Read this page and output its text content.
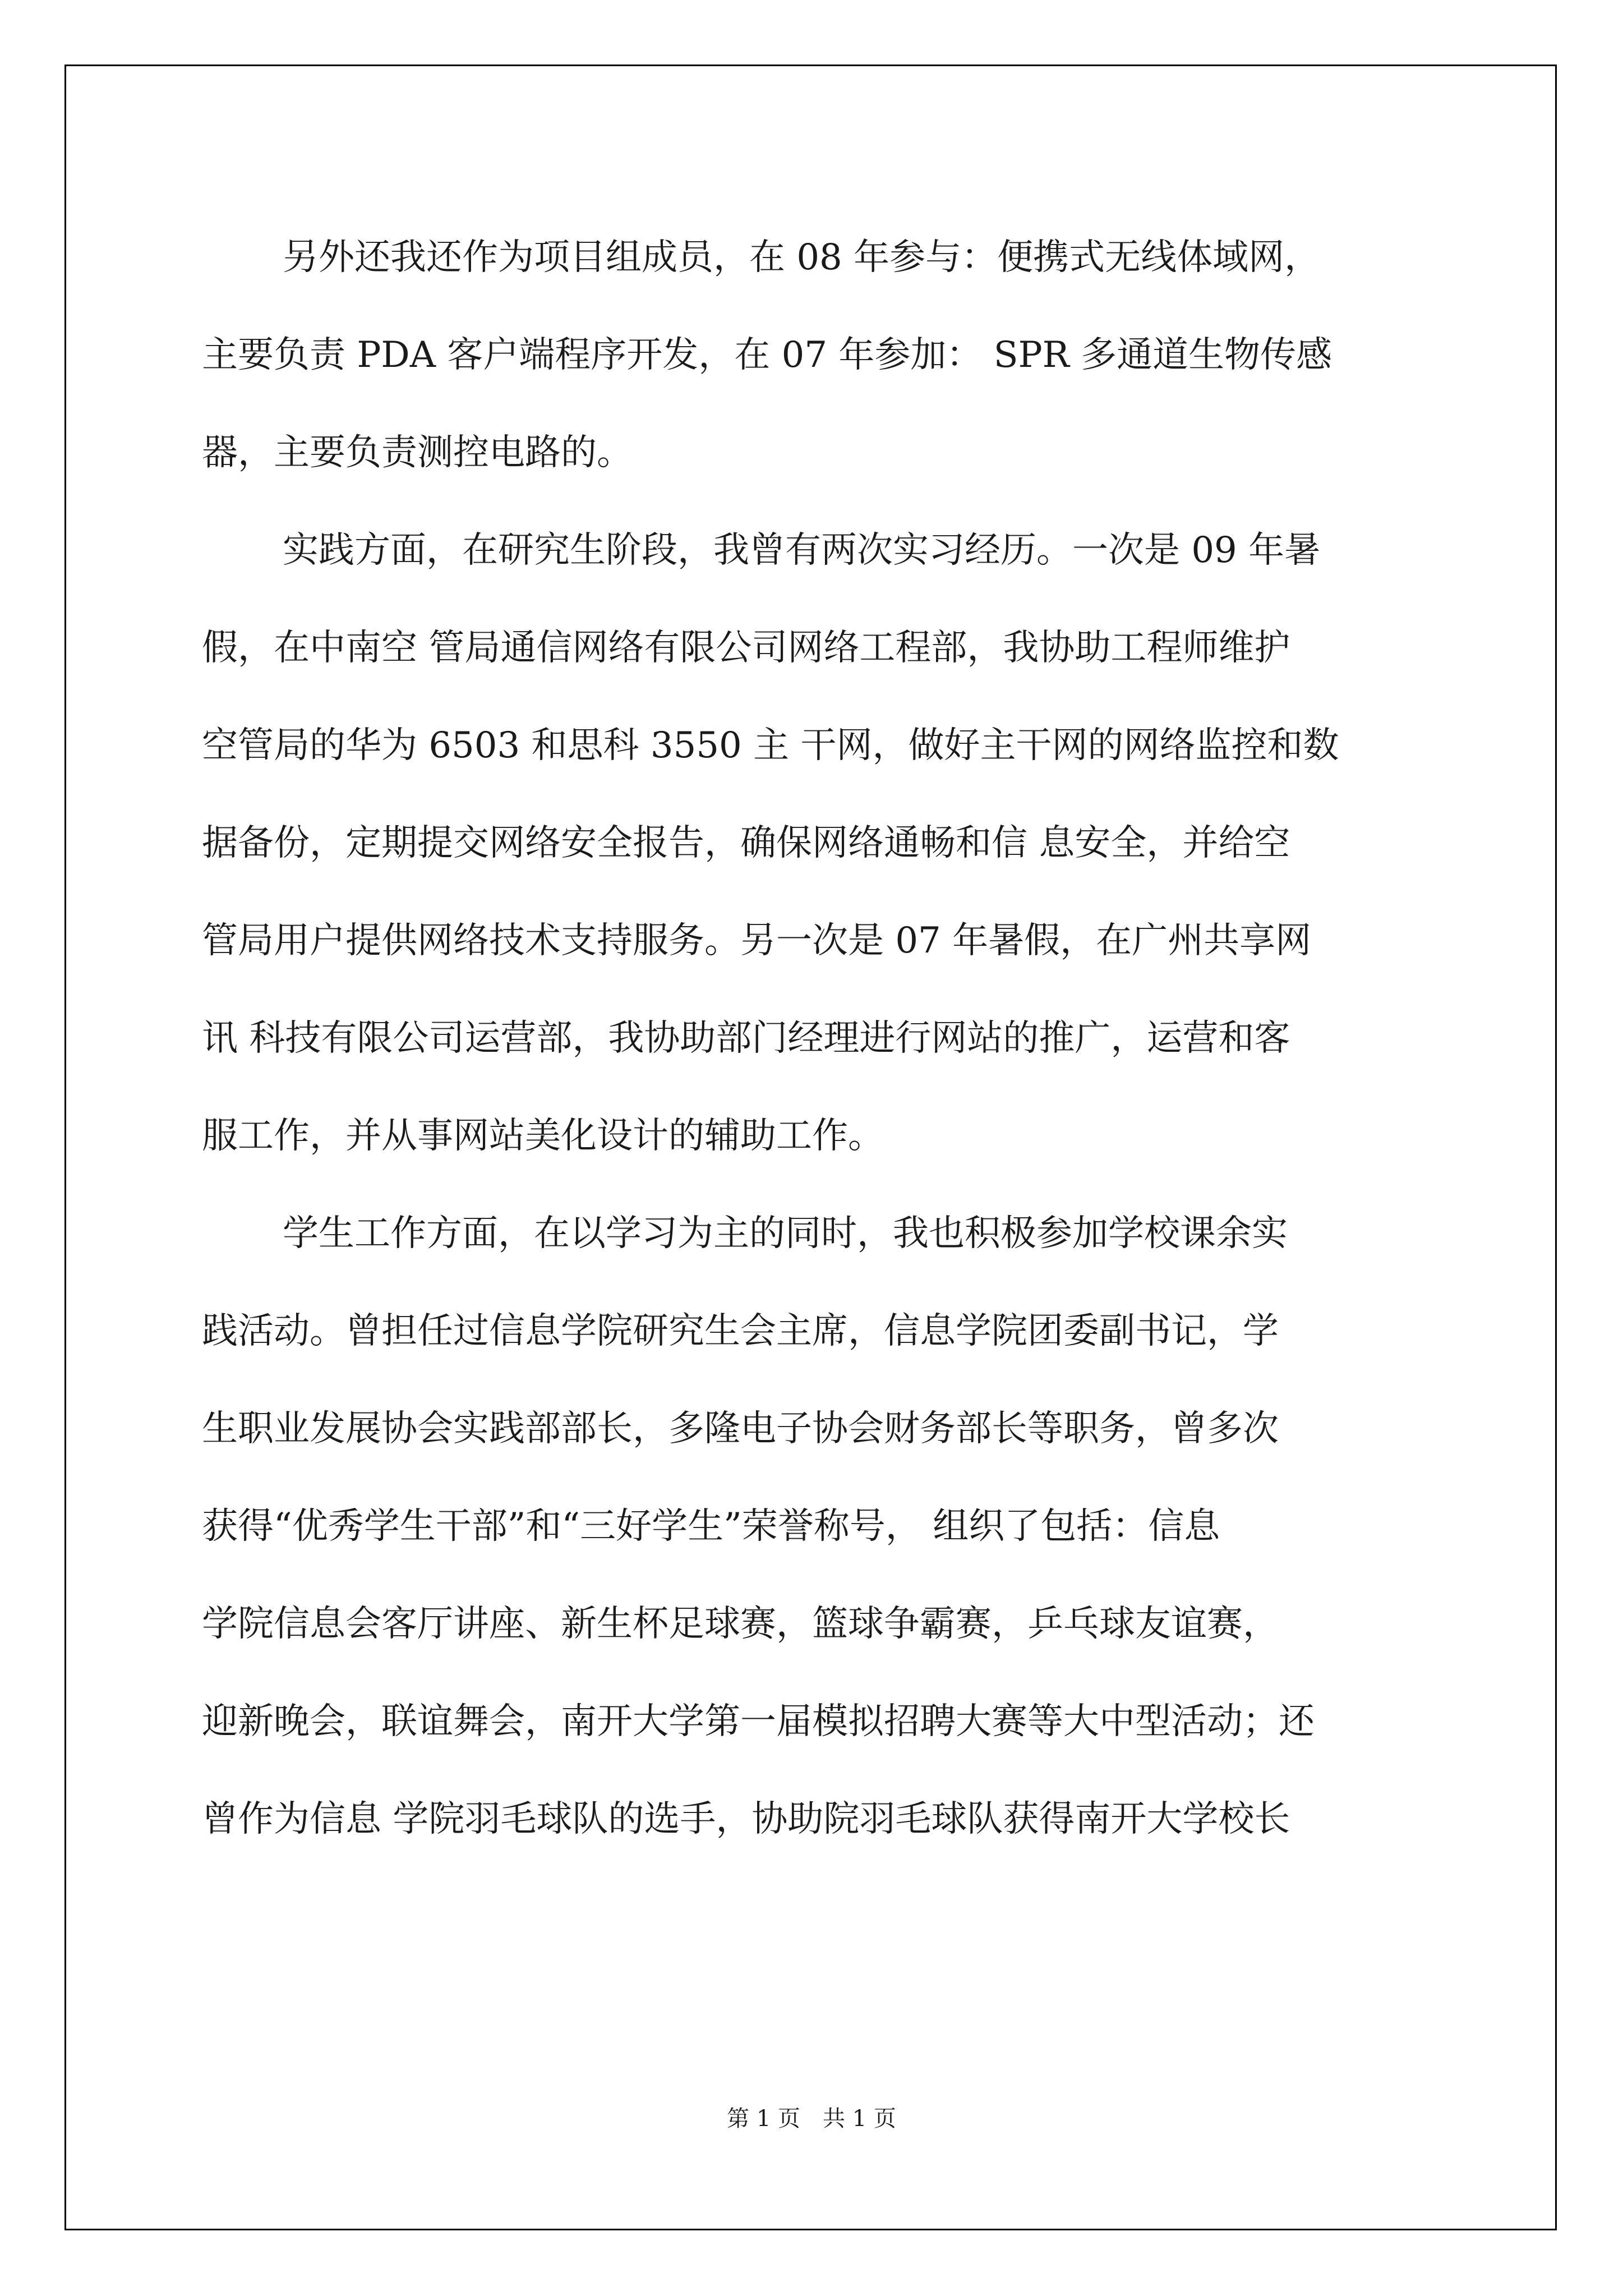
另外还我还作为项目组成员，在 08 年参与：便携式无线体域网，
主要负责 PDA 客户端程序开发，在 07 年参加： SPR 多通道生物传感
器，主要负责测控电路的。
实践方面，在研究生阶段，我曾有两次实习经历。一次是 09 年暑
假，在中南空 管局通信网络有限公司网络工程部，我协助工程师维护
空管局的华为 6503 和思科 3550 主 干网，做好主干网的网络监控和数
据备份，定期提交网络安全报告，确保网络通畅和信 息安全，并给空
管局用户提供网络技术支持服务。另一次是 07 年暑假，在广州共享网
讯 科技有限公司运营部，我协助部门经理进行网站的推广，运营和客
服工作，并从事网站美化设计的辅助工作。
学生工作方面，在以学习为主的同时，我也积极参加学校课余实
践活动。曾担任过信息学院研究生会主席，信息学院团委副书记，学
生职业发展协会实践部部长，多隆电子协会财务部长等职务，曾多次
获得“优秀学生干部”和“三好学生”荣誉称号， 组织了包括：信息
学院信息会客厅讲座、新生杯足球赛，篮球争霸赛，乒乓球友谊赛，
迎新晚会，联谊舞会，南开大学第一届模拟招聘大赛等大中型活动；还
曾作为信息 学院羽毛球队的选手，协助院羽毛球队获得南开大学校长
第 1 页　共 1 页
